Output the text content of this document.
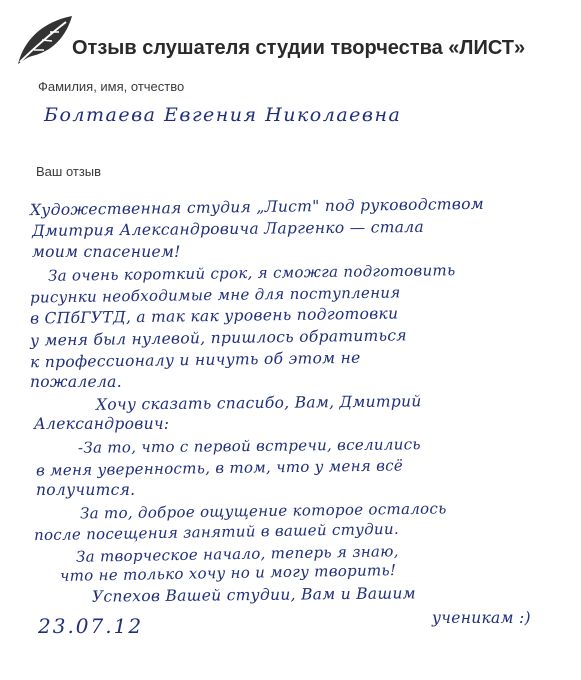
Отзыв слушателя студии творчества «ЛИСТ»
Фамилия, имя, отчество
Болтаева Евгения Николаевна
Ваш отзыв
Художественная студия „Лист" под руководством
Дмитрия Александровича Ларгенко — стала
моим спасением!
За очень короткий срок, я сможга подготовить
рисунки необходимые мне для поступления
в СПбГУТД, а так как уровень подготовки
у меня был нулевой, пришлось обратиться
к профессионалу и ничуть об этом не
пожалела.
Хочу сказать спасибо, Вам, Дмитрий
Александрович:
-За то, что с первой встречи, вселились
в меня уверенность, в том, что у меня всё
получится.
За то, доброе ощущение которое осталось
после посещения занятий в вашей студии.
За творческое начало, теперь я знаю,
что не только хочу но и могу творить!
Успехов Вашей студии, Вам и Вашим
ученикам :)
23.07.12
